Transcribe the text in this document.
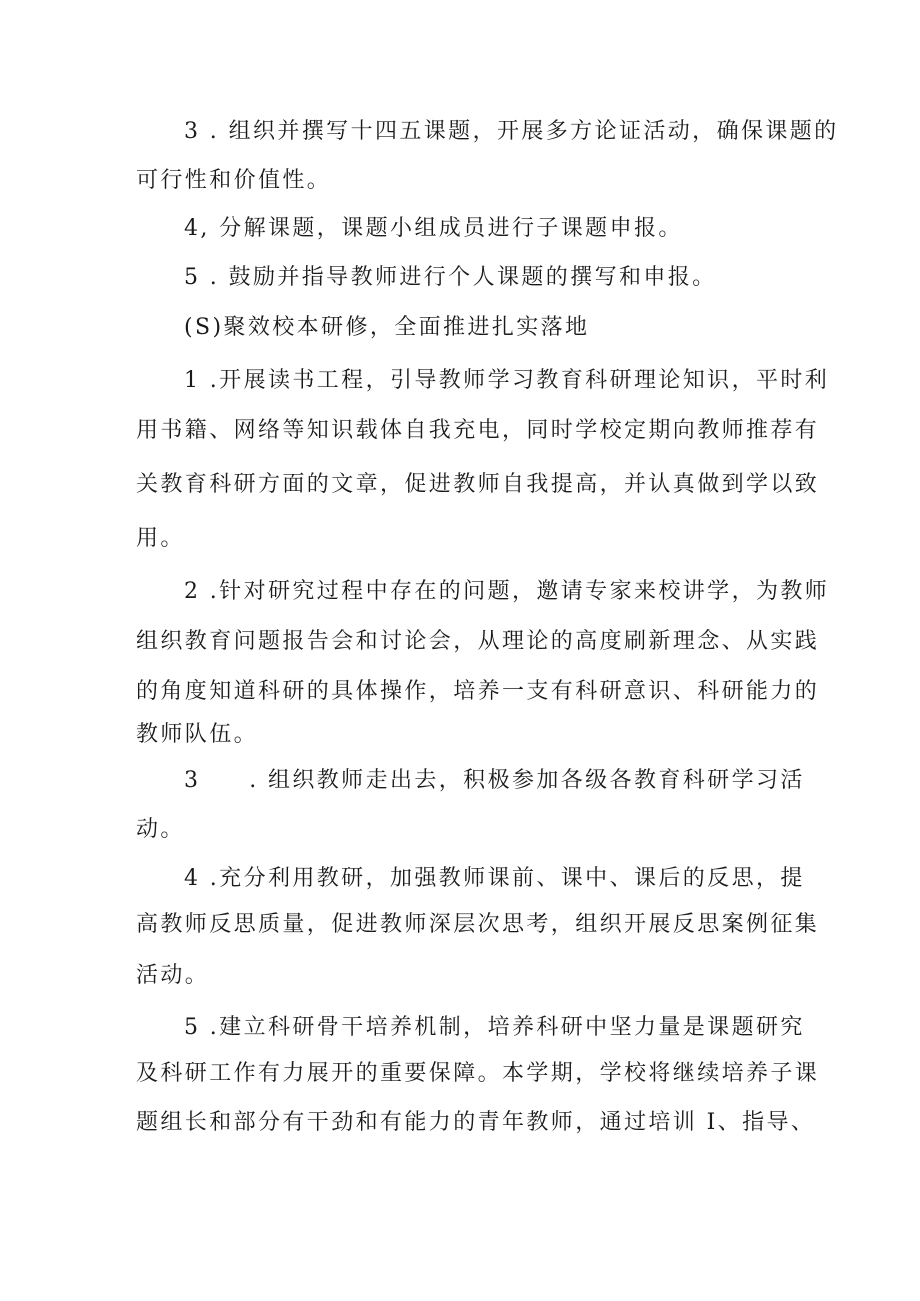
3 . 组织并撰写十四五课题，开展多方论证活动，确保课题的
可行性和价值性。
4, 分解课题，课题小组成员进行子课题申报。
5 . 鼓励并指导教师进行个人课题的撰写和申报。
(S)聚效校本研修，全面推进扎实落地
1 .开展读书工程，引导教师学习教育科研理论知识，平时利
用书籍、网络等知识载体自我充电，同时学校定期向教师推荐有
关教育科研方面的文章，促进教师自我提高，并认真做到学以致
用。
2 .针对研究过程中存在的问题，邀请专家来校讲学，为教师
组织教育问题报告会和讨论会，从理论的高度刷新理念、从实践
的角度知道科研的具体操作，培养一支有科研意识、科研能力的
教师队伍。
3　　. 组织教师走出去，积极参加各级各教育科研学习活
动。
4 .充分利用教研，加强教师课前、课中、课后的反思，提
高教师反思质量，促进教师深层次思考，组织开展反思案例征集
活动。
5 .建立科研骨干培养机制，培养科研中坚力量是课题研究
及科研工作有力展开的重要保障。本学期，学校将继续培养子课
题组长和部分有干劲和有能力的青年教师，通过培训 I、指导、
